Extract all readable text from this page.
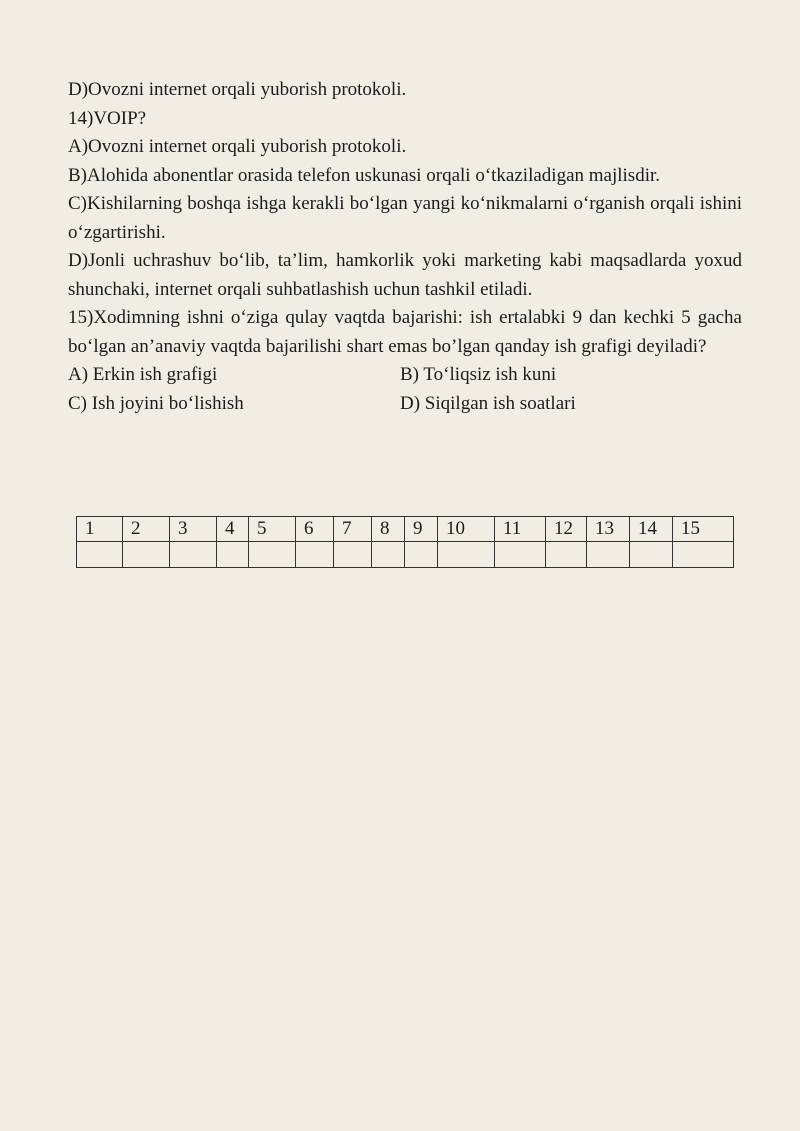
D)Ovozni internet orqali yuborish protokoli.

14)VOIP?

A)Ovozni internet orqali yuborish protokoli.

B)Alohida abonentlar orasida telefon uskunasi orqali o‘tkaziladigan majlisdir.

C)Kishilarning boshqa ishga kerakli bo‘lgan yangi ko‘nikmalarni o‘rganish orqali ishini o‘zgartirishi.

D)Jonli uchrashuv bo‘lib, ta’lim, hamkorlik yoki marketing kabi maqsadlarda yoxud shunchaki, internet orqali suhbatlashish uchun tashkil etiladi.

15)Xodimning ishni o‘ziga qulay vaqtda bajarishi: ish ertalabki 9 dan kechki 5 gacha bo‘lgan an’anaviy vaqtda bajarilishi shart emas bo’lgan qanday ish grafigi deyiladi?

A) Erkin ish grafigi	B) To‘liqsiz ish kuni
C) Ish joyini bo‘lishish	D) Siqilgan ish soatlari
1	2	3	4	5	6	7	8	9	10	11	12	13	14	15
